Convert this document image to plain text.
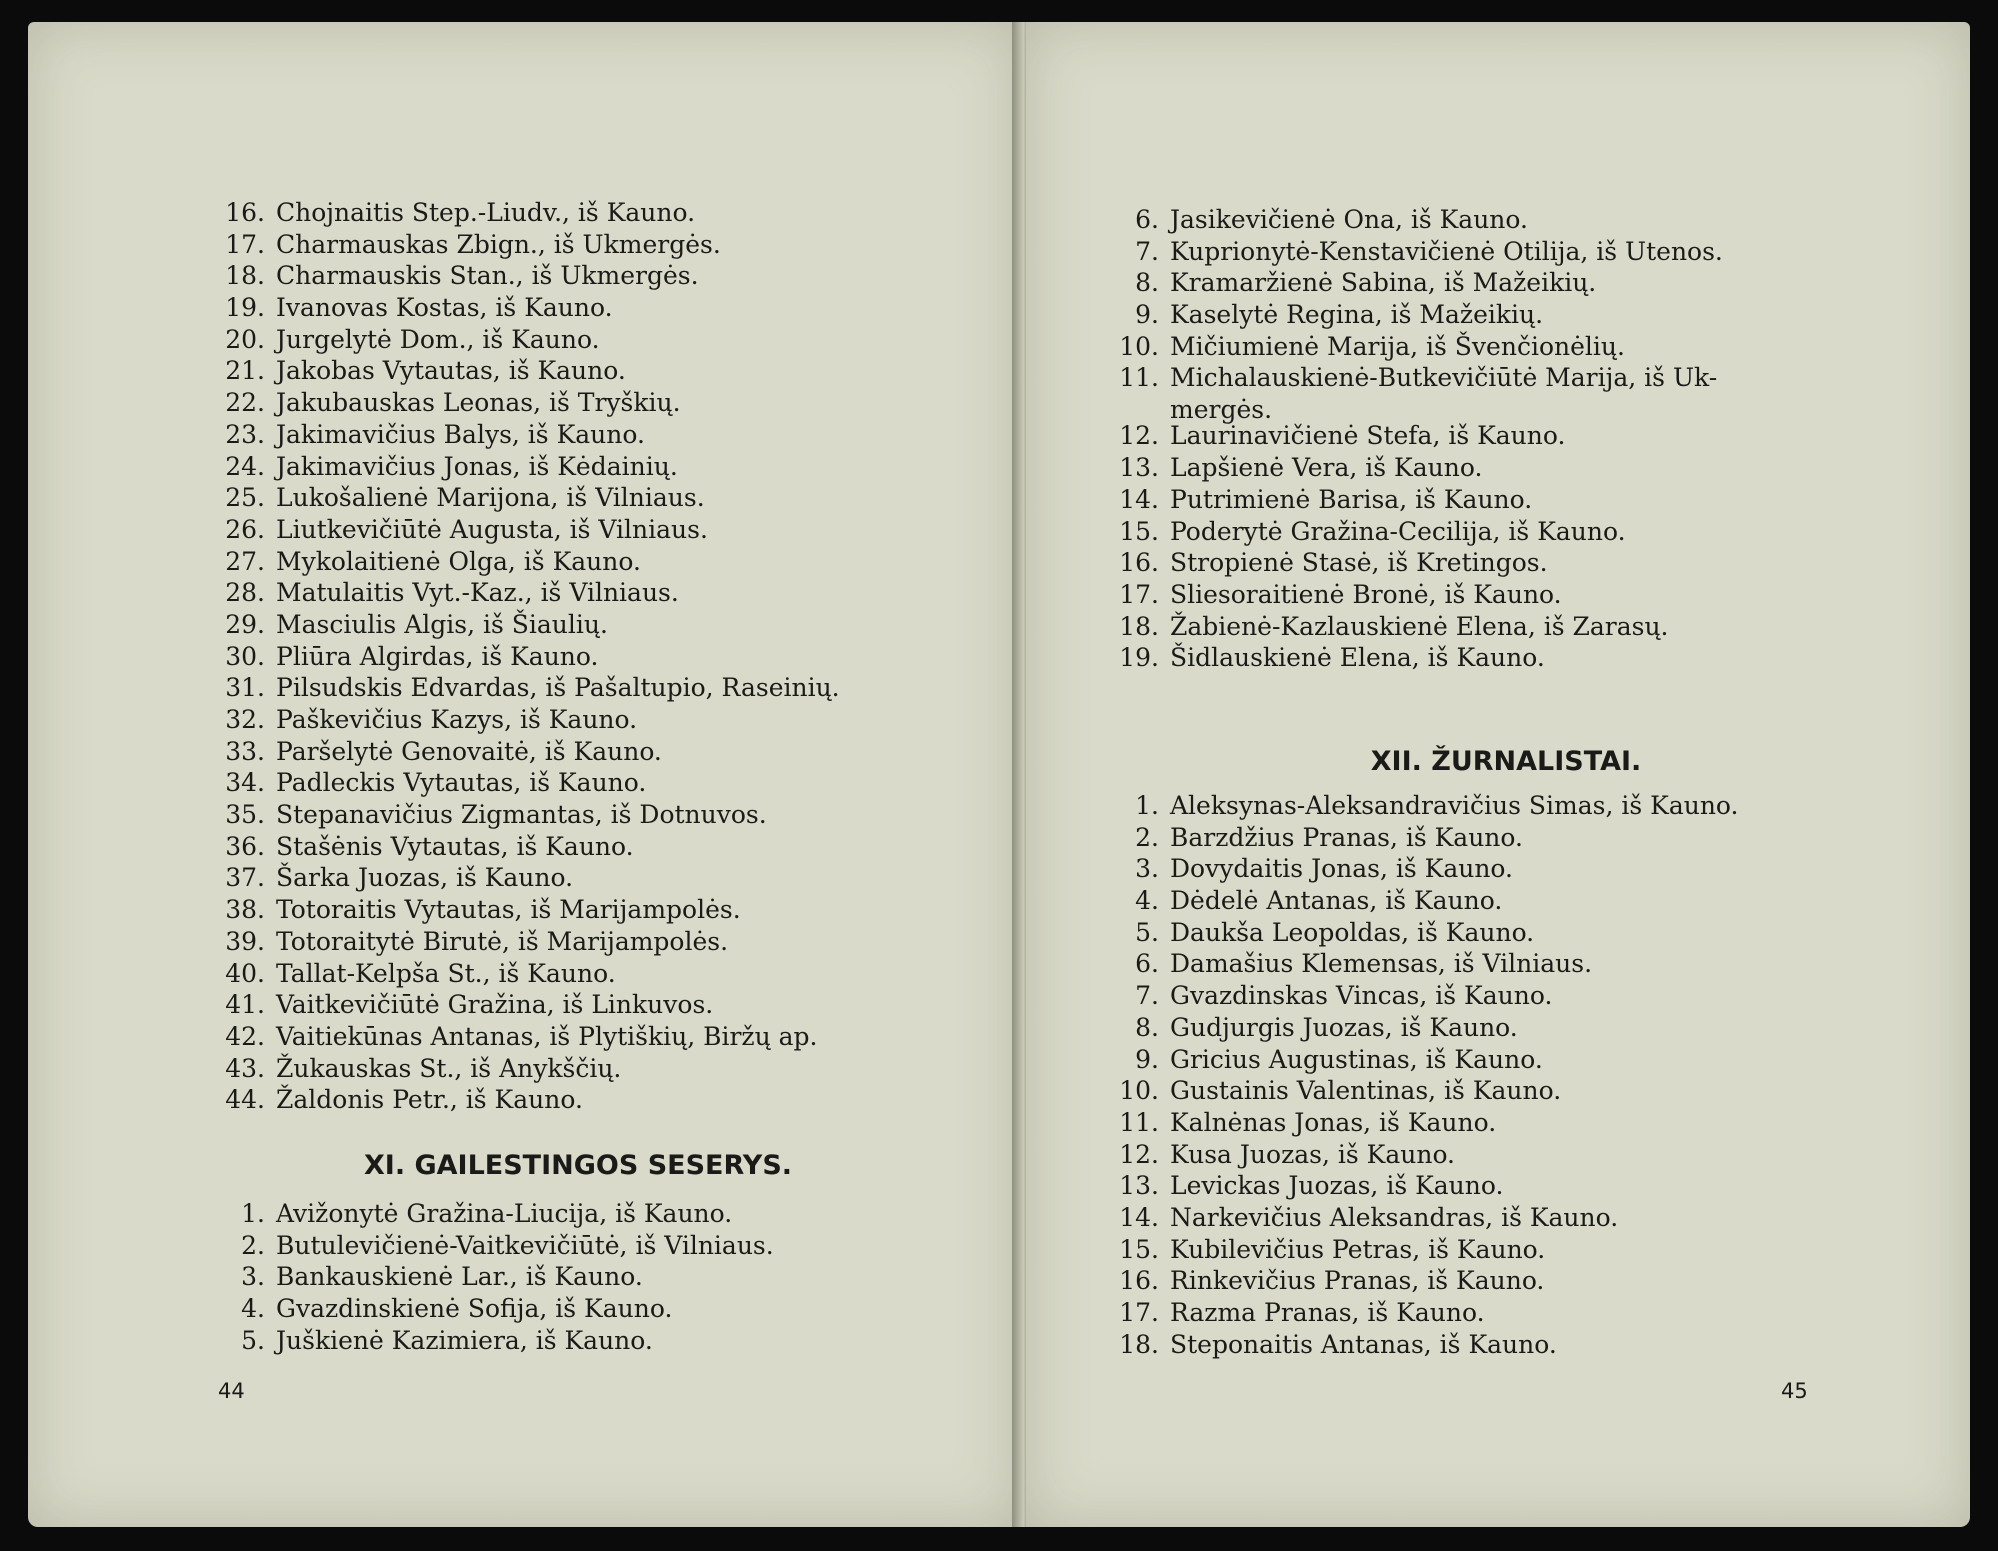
16. Chojnaitis Step.-Liudv., iš Kauno.
17. Charmauskas Zbign., iš Ukmergės.
18. Charmauskis Stan., iš Ukmergės.
19. Ivanovas Kostas, iš Kauno.
20. Jurgelytė Dom., iš Kauno.
21. Jakobas Vytautas, iš Kauno.
22. Jakubauskas Leonas, iš Tryškių.
23. Jakimavičius Balys, iš Kauno.
24. Jakimavičius Jonas, iš Kėdainių.
25. Lukošalienė Marijona, iš Vilniaus.
26. Liutkevičiūtė Augusta, iš Vilniaus.
27. Mykolaitienė Olga, iš Kauno.
28. Matulaitis Vyt.-Kaz., iš Vilniaus.
29. Masciulis Algis, iš Šiaulių.
30. Pliūra Algirdas, iš Kauno.
31. Pilsudskis Edvardas, iš Pašaltupio, Raseinių.
32. Paškevičius Kazys, iš Kauno.
33. Paršelytė Genovaitė, iš Kauno.
34. Padleckis Vytautas, iš Kauno.
35. Stepanavičius Zigmantas, iš Dotnuvos.
36. Stašėnis Vytautas, iš Kauno.
37. Šarka Juozas, iš Kauno.
38. Totoraitis Vytautas, iš Marijampolės.
39. Totoraitytė Birutė, iš Marijampolės.
40. Tallat-Kelpša St., iš Kauno.
41. Vaitkevičiūtė Gražina, iš Linkuvos.
42. Vaitiekūnas Antanas, iš Plytiškių, Biržų ap.
43. Žukauskas St., iš Anykščių.
44. Žaldonis Petr., iš Kauno.
XI. GAILESTINGOS SESERYS.
1. Avižonytė Gražina-Liucija, iš Kauno.
2. Butulevičienė-Vaitkevičiūtė, iš Vilniaus.
3. Bankauskienė Lar., iš Kauno.
4. Gvazdinskienė Sofija, iš Kauno.
5. Juškienė Kazimiera, iš Kauno.
44
6. Jasikevičienė Ona, iš Kauno.
7. Kuprionytė-Kenstavičienė Otilija, iš Utenos.
8. Kramaržienė Sabina, iš Mažeikių.
9. Kaselytė Regina, iš Mažeikių.
10. Mičiumienė Marija, iš Švenčionėlių.
11. Michalauskienė-Butkevičiūtė Marija, iš Uk-
mergės.
12. Laurinavičienė Stefa, iš Kauno.
13. Lapšienė Vera, iš Kauno.
14. Putrimienė Barisa, iš Kauno.
15. Poderytė Gražina-Cecilija, iš Kauno.
16. Stropienė Stasė, iš Kretingos.
17. Sliesoraitienė Bronė, iš Kauno.
18. Žabienė-Kazlauskienė Elena, iš Zarasų.
19. Šidlauskienė Elena, iš Kauno.
XII. ŽURNALISTAI.
1. Aleksynas-Aleksandravičius Simas, iš Kauno.
2. Barzdžius Pranas, iš Kauno.
3. Dovydaitis Jonas, iš Kauno.
4. Dėdelė Antanas, iš Kauno.
5. Daukša Leopoldas, iš Kauno.
6. Damašius Klemensas, iš Vilniaus.
7. Gvazdinskas Vincas, iš Kauno.
8. Gudjurgis Juozas, iš Kauno.
9. Gricius Augustinas, iš Kauno.
10. Gustainis Valentinas, iš Kauno.
11. Kalnėnas Jonas, iš Kauno.
12. Kusa Juozas, iš Kauno.
13. Levickas Juozas, iš Kauno.
14. Narkevičius Aleksandras, iš Kauno.
15. Kubilevičius Petras, iš Kauno.
16. Rinkevičius Pranas, iš Kauno.
17. Razma Pranas, iš Kauno.
18. Steponaitis Antanas, iš Kauno.
45
